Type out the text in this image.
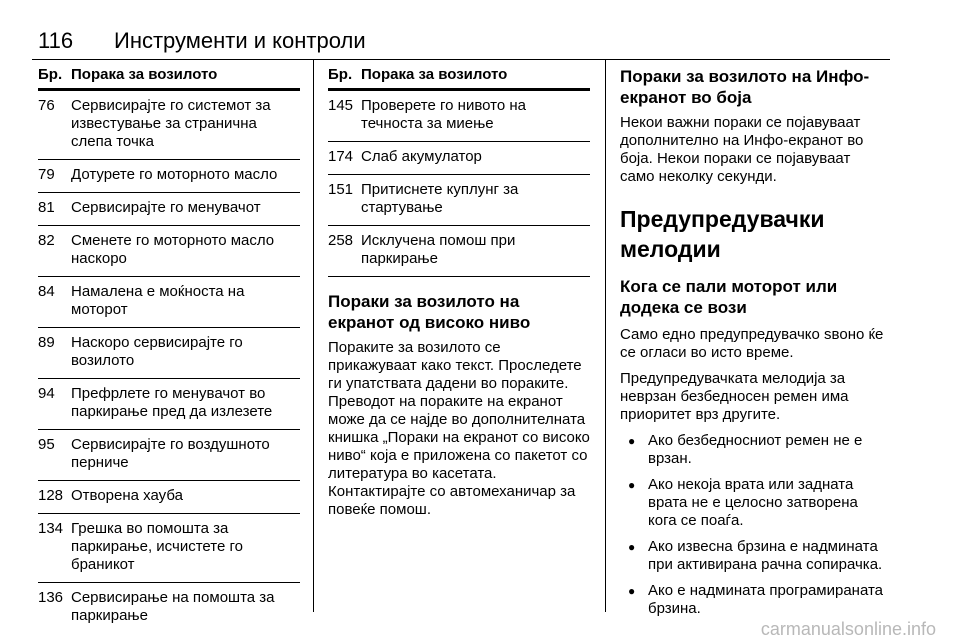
116 Инструменти и контроли
Бр. Порака за возилото
76	Сервисирајте го системот за известување за странична слепа точка
79	Дотурете го моторното масло
81	Сервисирајте го менувачот
82	Сменете го моторното масло наскоро
84	Намалена е моќноста на моторот
89	Наскоро сервисирајте го возилото
94	Префрлете го менувачот во паркирање пред да излезете
95	Сервисирајте го воздушното перниче
128 Отворена хауба
134 Грешка во помошта за паркирање, исчистете го браникот
136 Сервисирање на помошта за паркирање
Бр. Порака за возилото
145 Проверете го нивото на течноста за миење
174 Слаб акумулатор
151 Притиснете куплунг за стартување
258 Исклучена помош при паркирање
Пораки за возилото на екранот од високо ниво

Пораките за возилото се прикажуваат како текст. Проследете ги упатствата дадени во пораките. Преводот на пораките на екранот може да се најде во дополнителната книшка „Пораки на екранот со високо ниво“ која е приложена со пакетот со литература во касетата. Контактирајте со автомеханичар за повеќе помош.

Пораки за возилото на Инфо-екранот во боја

Некои важни пораки се појавуваат дополнително на Инфо-екранот во боја. Некои пораки се појавуваат само неколку секунди.

Предупредувачки мелодии
Кога се пали моторот или додека се вози

Само едно предупредувачко ѕвоно ќе се огласи во исто време.

Предупредувачката мелодија за неврзан безбедносен ремен има приоритет врз другите.

● Ако безбедносниот ремен не е врзан.
● Ако некоја врата или задната врата не е целосно затворена кога се поаѓа.
● Ако извесна брзина е надминатa при активирана рачна сопирачка.
● Ако е надмината програмираната брзина.
carmanualsonline.info
